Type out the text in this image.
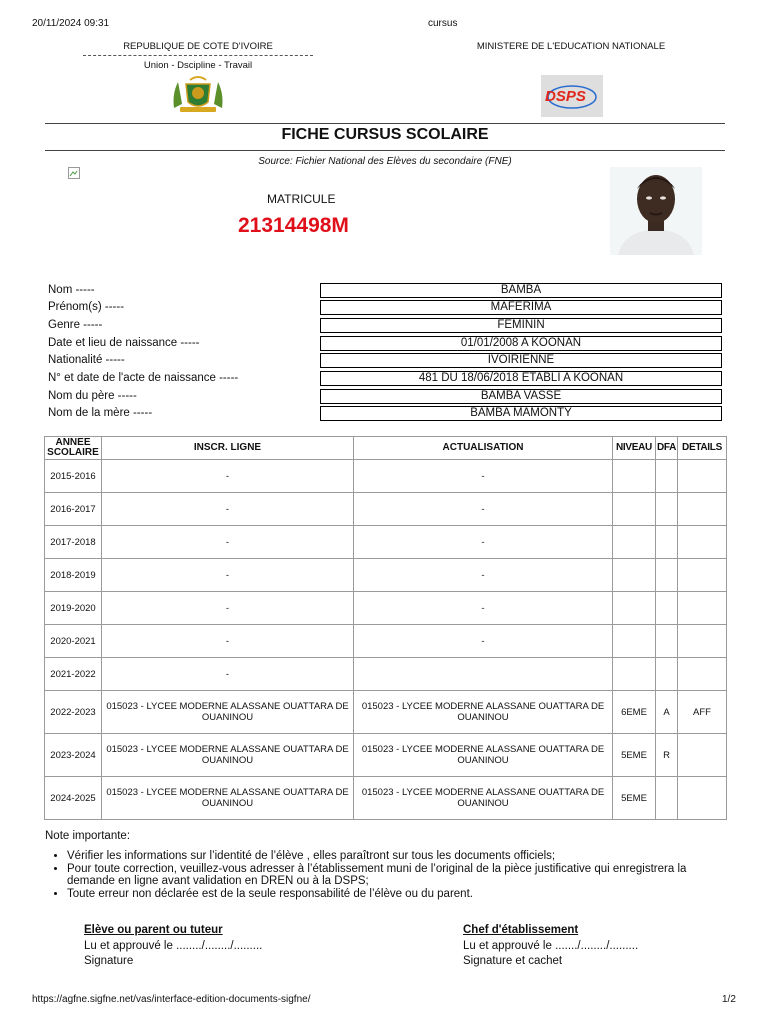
20/11/2024 09:31	cursus
REPUBLIQUE DE COTE D'IVOIRE
Union - Dscipline - Travail
MINISTERE DE L'EDUCATION NATIONALE
DSPS
FICHE CURSUS SCOLAIRE
Source: Fichier National des Elèves du secondaire (FNE)
MATRICULE
21314498M
Nom -----	BAMBA
Prénom(s) -----	MAFERIMA
Genre -----	FEMININ
Date et lieu de naissance -----	01/01/2008 A KOONAN
Nationalité -----	IVOIRIENNE
N° et date de l'acte de naissance -----	481 DU 18/06/2018 ETABLI A KOONAN
Nom du père -----	BAMBA VASSE
Nom de la mère -----	BAMBA MAMONTY
ANNEE SCOLAIRE	INSCR. LIGNE	ACTUALISATION	NIVEAU	DFA	DETAILS
2015-2016	-	-			
2016-2017	-	-			
2017-2018	-	-			
2018-2019	-	-			
2019-2020	-	-			
2020-2021	-	-			
2021-2022	-				
2022-2023	015023 - LYCEE MODERNE ALASSANE OUATTARA DE OUANINOU	015023 - LYCEE MODERNE ALASSANE OUATTARA DE OUANINOU	6EME	A	AFF
2023-2024	015023 - LYCEE MODERNE ALASSANE OUATTARA DE OUANINOU	015023 - LYCEE MODERNE ALASSANE OUATTARA DE OUANINOU	5EME	R	
2024-2025	015023 - LYCEE MODERNE ALASSANE OUATTARA DE OUANINOU	015023 - LYCEE MODERNE ALASSANE OUATTARA DE OUANINOU	5EME		
Note importante:
• Vérifier les informations sur l’identité de l’élève , elles paraîtront sur tous les documents officiels;
• Pour toute correction, veuillez-vous adresser à l’établissement muni de l’original de la pièce justificative qui enregistrera la demande en ligne avant validation en DREN ou à la DSPS;
• Toute erreur non déclarée est de la seule responsabilité de l’élève ou du parent.
Elève ou parent ou tuteur
Lu et approuvé le ......../......../.........
Signature
Chef d'établissement
Lu et approuvé le ......./......../.........
Signature et cachet
https://agfne.sigfne.net/vas/interface-edition-documents-sigfne/	1/2
